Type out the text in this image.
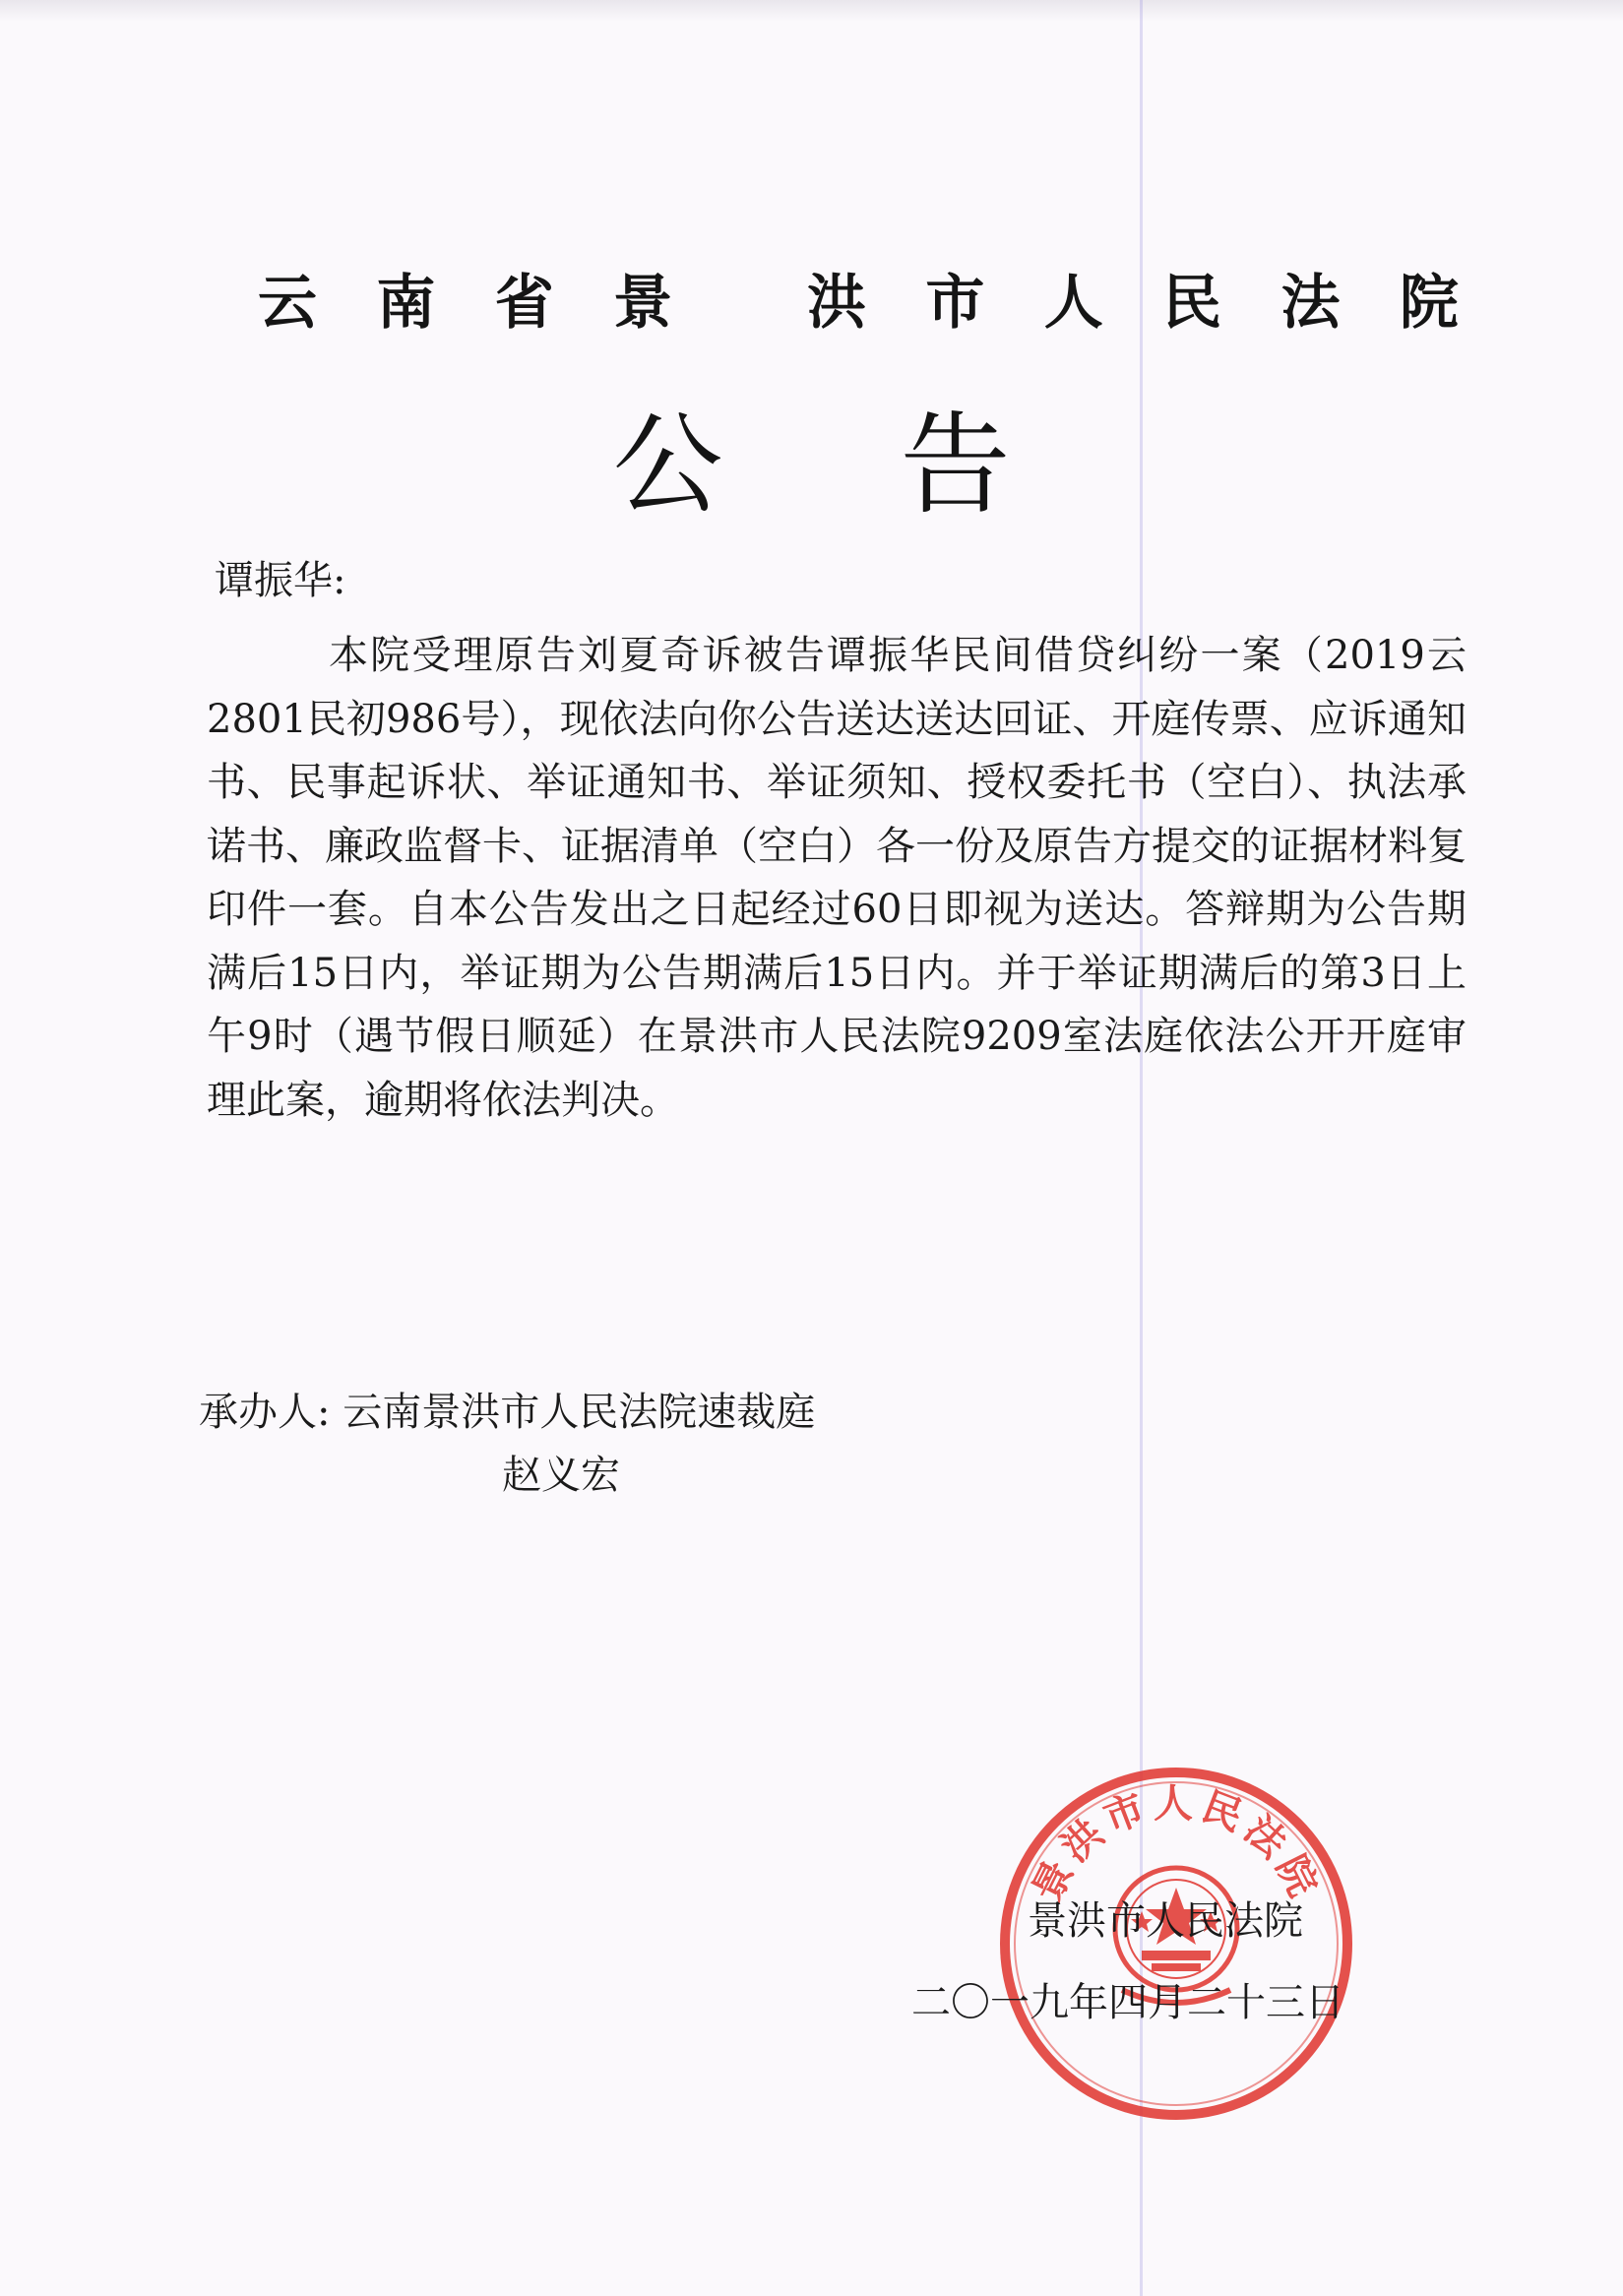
云 南 省 景 洪 市 人 民 法 院
公告
谭振华:
本院受理原告刘夏奇诉被告谭振华民间借贷纠纷一案（2019云2801民初986号），现依法向你公告送达送达回证、开庭传票、应诉通知书、民事起诉状、举证通知书、举证须知、授权委托书（空白）、执法承诺书、廉政监督卡、证据清单（空白）各一份及原告方提交的证据材料复印件一套。自本公告发出之日起经过60日即视为送达。答辩期为公告期满后15日内，举证期为公告期满后15日内。并于举证期满后的第3日上午9时（遇节假日顺延）在景洪市人民法院9209室法庭依法公开开庭审理此案，逾期将依法判决。
承办人: 云南景洪市人民法院速裁庭
赵义宏
景洪市人民法院
景洪市人民法院
二〇一九年四月二十三日
